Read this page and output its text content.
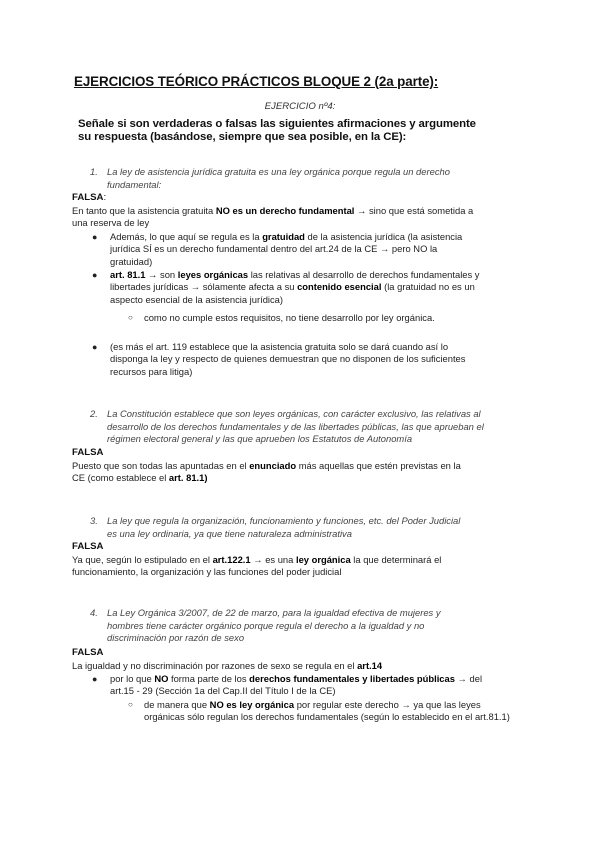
EJERCICIOS TEÓRICO PRÁCTICOS BLOQUE 2 (2a parte):
EJERCICIO nº4:
Señale si son verdaderas o falsas las siguientes afirmaciones y argumente
su respuesta (basándose, siempre que sea posible, en la CE):
1. La ley de asistencia jurídica gratuita es una ley orgánica porque regula un derecho
fundamental:
FALSA:
En tanto que la asistencia gratuita NO es un derecho fundamental → sino que está sometida a
una reserva de ley
● Además, lo que aquí se regula es la gratuidad de la asistencia jurídica (la asistencia
jurídica SÍ es un derecho fundamental dentro del art.24 de la CE → pero NO la
gratuidad)
● art. 81.1 → son leyes orgánicas las relativas al desarrollo de derechos fundamentales y
libertades jurídicas → sólamente afecta a su contenido esencial (la gratuidad no es un
aspecto esencial de la asistencia jurídica)
○ como no cumple estos requisitos, no tiene desarrollo por ley orgánica.
● (es más el art. 119 establece que la asistencia gratuita solo se dará cuando así lo
disponga la ley y respecto de quienes demuestran que no disponen de los suficientes
recursos para litiga)
2. La Constitución establece que son leyes orgánicas, con carácter exclusivo, las relativas al
desarrollo de los derechos fundamentales y de las libertades públicas, las que aprueban el
régimen electoral general y las que aprueben los Estatutos de Autonomía
FALSA
Puesto que son todas las apuntadas en el enunciado más aquellas que estén previstas en la
CE (como establece el art. 81.1)
3. La ley que regula la organización, funcionamiento y funciones, etc. del Poder Judicial
es una ley ordinaria, ya que tiene naturaleza administrativa
FALSA
Ya que, según lo estipulado en el art.122.1 → es una ley orgánica la que determinará el
funcionamiento, la organización y las funciones del poder judicial
4. La Ley Orgánica 3/2007, de 22 de marzo, para la igualdad efectiva de mujeres y
hombres tiene carácter orgánico porque regula el derecho a la igualdad y no
discriminación por razón de sexo
FALSA
La igualdad y no discriminación por razones de sexo se regula en el art.14
● por lo que NO forma parte de los derechos fundamentales y libertades públicas → del
art.15 - 29 (Sección 1a del Cap.II del Título I de la CE)
○ de manera que NO es ley orgánica por regular este derecho → ya que las leyes
orgánicas sólo regulan los derechos fundamentales (según lo establecido en el art.81.1)
